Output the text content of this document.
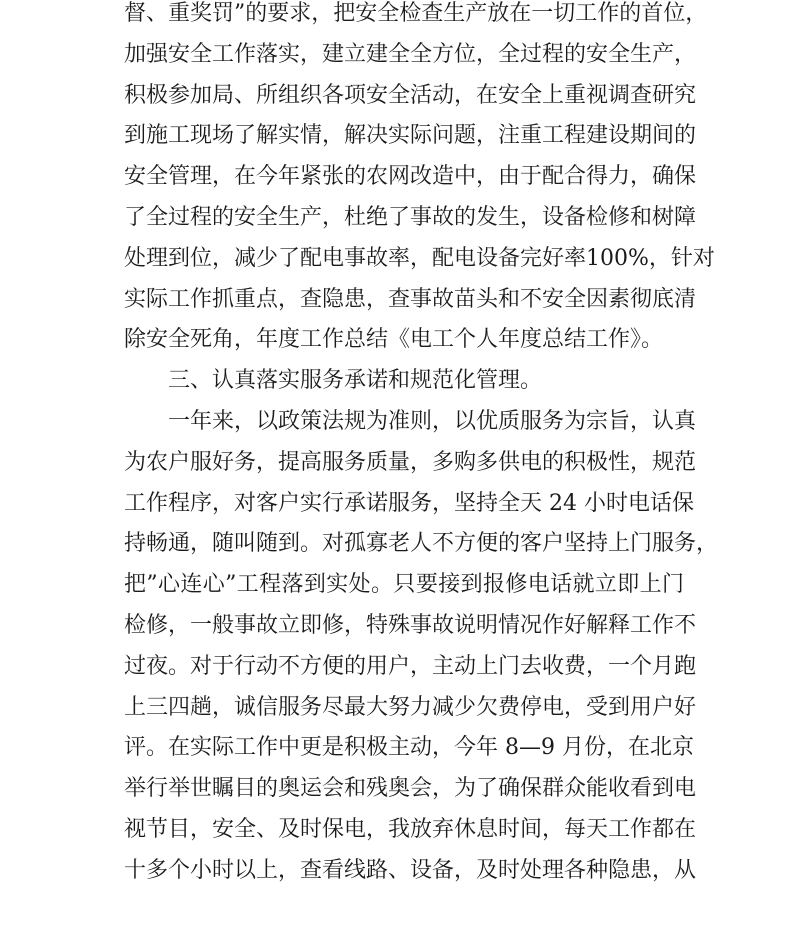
督、重奖罚”的要求，把安全检查生产放在一切工作的首位，
加强安全工作落实，建立建全全方位，全过程的安全生产，
积极参加局、所组织各项安全活动，在安全上重视调查研究
到施工现场了解实情，解决实际问题，注重工程建设期间的
安全管理，在今年紧张的农网改造中，由于配合得力，确保
了全过程的安全生产，杜绝了事故的发生，设备检修和树障
处理到位，减少了配电事故率，配电设备完好率100%，针对
实际工作抓重点，查隐患，查事故苗头和不安全因素彻底清
除安全死角，年度工作总结《电工个人年度总结工作》。
三、认真落实服务承诺和规范化管理。
一年来，以政策法规为准则，以优质服务为宗旨，认真
为农户服好务，提高服务质量，多购多供电的积极性，规范
工作程序，对客户实行承诺服务，坚持全天 24 小时电话保
持畅通，随叫随到。对孤寡老人不方便的客户坚持上门服务，
把”心连心”工程落到实处。只要接到报修电话就立即上门
检修，一般事故立即修，特殊事故说明情况作好解释工作不
过夜。对于行动不方便的用户，主动上门去收费，一个月跑
上三四趟，诚信服务尽最大努力减少欠费停电，受到用户好
评。在实际工作中更是积极主动，今年 8—9 月份，在北京
举行举世瞩目的奥运会和残奥会，为了确保群众能收看到电
视节目，安全、及时保电，我放弃休息时间，每天工作都在
十多个小时以上，查看线路、设备，及时处理各种隐患，从
